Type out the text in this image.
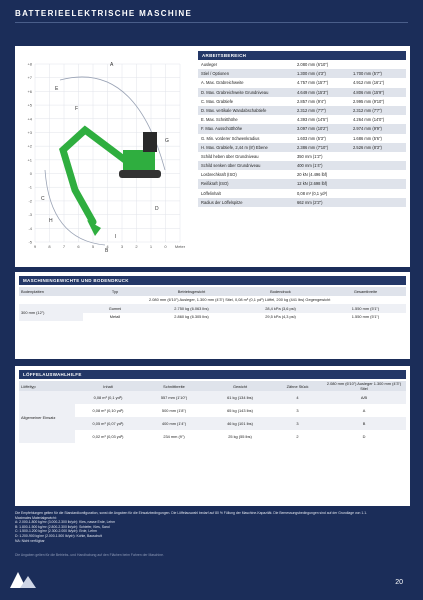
BATTERIEELEKTRISCHE MASCHINE
+8
+7
+6
+5
+4
+3
+2
+1
0
-1
-2
-3
-4
-5
9	8	7	6	5	4	3	2	1	0 Meter
A
B
C
D
E
F
G
H
I
ARBEITSBEREICH
Ausleger	2.080 mm (6'10")
Stiel / Optionen	1.300 mm (4'3")	1.700 mm (5'7")
A. Max. Grabreichweite	4.757 mm (15'7")	4.912 mm (16'1")
D. Max. Grabreichweite Grundniveau	4.649 mm (15'3")	4.806 mm (15'9")
C. Max. Grabtiefe	2.857 mm (9'4")	2.995 mm (9'10")
D. Max. vertikale Wandabschabtiefe	2.312 mm (7'7")	2.312 mm (7'7")
E. Max. Schnitthöhe	4.393 mm (14'5")	4.264 mm (14'0")
F. Max. Ausschütthöhe	3.097 mm (10'2")	2.974 mm (9'9")
G. Min. vorderer Schwenkradius	1.603 mm (5'3")	1.686 mm (5'6")
H. Max. Grabtiefe, 2,44 m (8') Ebene	2.386 mm (7'10")	2.526 mm (8'3")
Schild heben über Grundniveau	350 mm (1'2")
Schild senken über Grundniveau	400 mm (1'4")
Losbrechkraft (ISO)	20 kN (4.496 lbf)
Reißkraft (ISO)	12 kN (2.698 lbf)
Löffelinhalt	0,08 m³ (0,1 yd³)
Radius der Löffelspitze	662 mm (2'2")
MASCHINENGEWICHTE UND BODENDRUCK
Bodenplatten	Typ	Betriebsgewicht	Bodendruck	Gesamtbreite
		2.080 mm (6'10") Ausleger, 1.300 mm (4'3") Stiel, 0,08 m³ (0,1 yd³) Löffel, 200 kg (441 lbs) Gegengewicht		
300 mm (12")	Gummi	2.750 kg (6.063 lbs)	28,4 kPa (3,6 psi)	1.550 mm (5'1")
	Metall	2.860 kg (6.305 lbs)	29,5 kPa (4,3 psi)	1.550 mm (5'1")
LÖFFELAUSWAHLHILFE
Löffeltyp	Inhalt	Schnittbreite	Gewicht	Zähne Stück	2.080 mm (6'10") Ausleger 1.300 mm (4'3") Stiel
Allgemeiner Einsatz	0,08 m³ (0,1 yd³)	557 mm (1'10")	61 kg (134 lbs)	4	A/B
	0,08 m³ (0,10 yd³)	500 mm (1'8")	65 kg (143 lbs)	3	A
	0,05 m³ (0,07 yd³)	400 mm (1'4")	46 kg (101 lbs)	3	B
	0,02 m³ (0,03 yd³)	234 mm (9")	25 kg (55 lbs)	2	D
Die Empfehlungen gelten für die Standardkonfiguration, sonst die Angaben für die Einsatzbedingungen. Die Löffelauswahl bedarf auf 80 % Füllung der Maschine-Kapazität. Die Bemessungsbedingungen sind auf der Grundlage von 1.1.
Maximales Materialgewicht:
A: 2.000-1.800 kg/m³ (3.000-2.300 lb/yd³): Kies, nasse Erde, Lehm
B: 1.800-1.500 kg/m³ (2.800-2.300 lb/yd³): Schiefer, Kies, Sand
C: 1.500-1.200 kg/m³ (2.300-2.000 lb/yd³): Erde, Lehm
D: 1.200-900 kg/m³ (2.000-1.500 lb/yd³): Kohle, Bauschutt
NA: Nicht verfügbar
Die Angaben gelten für die Betriebs- und Handhabung auf den Flächen beim Fahren der Maschine.
20
